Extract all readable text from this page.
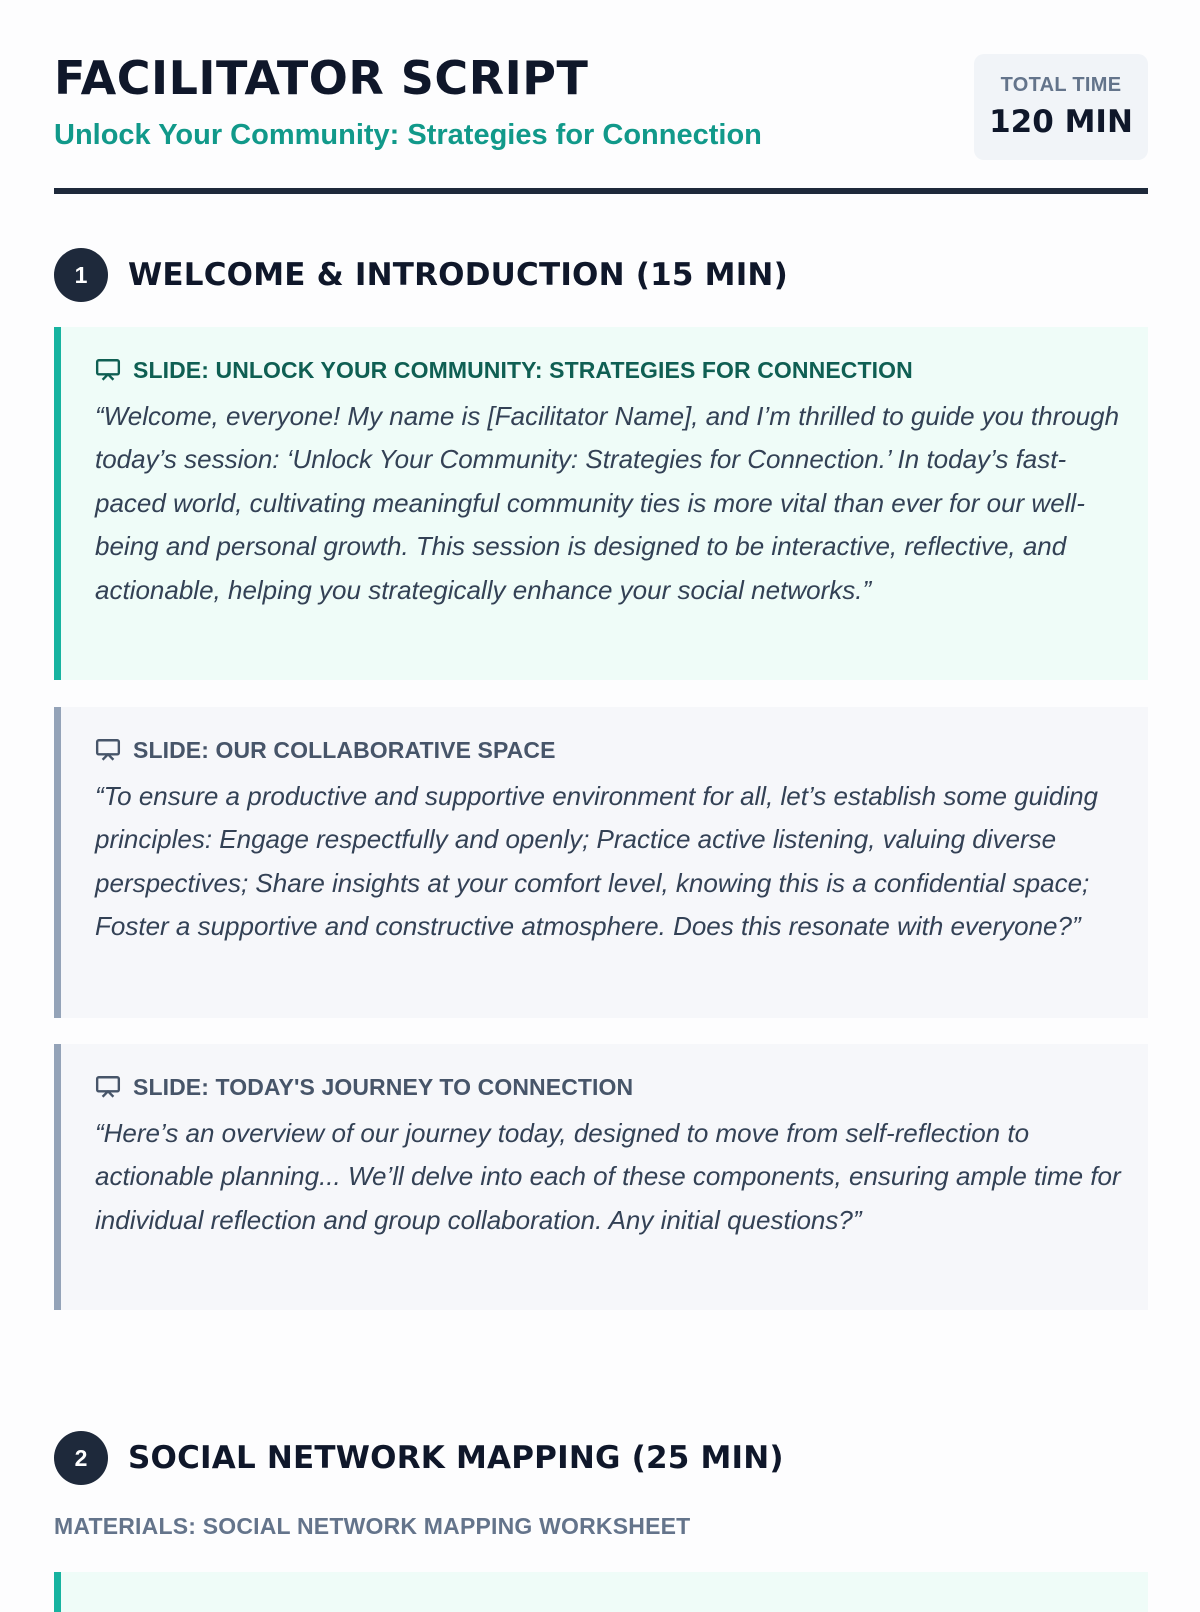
FACILITATOR SCRIPT

Unlock Your Community: Strategies for Connection

TOTAL TIME
120 MIN
1	WELCOME & INTRODUCTION (15 MIN)
SLIDE: UNLOCK YOUR COMMUNITY: STRATEGIES FOR CONNECTION

“Welcome, everyone! My name is [Facilitator Name], and I’m thrilled to guide you through today’s session: ‘Unlock Your Community: Strategies for Connection.’ In today’s fast-paced world, cultivating meaningful community ties is more vital than ever for our well-being and personal growth. This session is designed to be interactive, reflective, and actionable, helping you strategically enhance your social networks.”

SLIDE: OUR COLLABORATIVE SPACE

“To ensure a productive and supportive environment for all, let’s establish some guiding principles: Engage respectfully and openly; Practice active listening, valuing diverse perspectives; Share insights at your comfort level, knowing this is a confidential space; Foster a supportive and constructive atmosphere. Does this resonate with everyone?”

SLIDE: TODAY'S JOURNEY TO CONNECTION

“Here’s an overview of our journey today, designed to move from self-reflection to actionable planning... We’ll delve into each of these components, ensuring ample time for individual reflection and group collaboration. Any initial questions?”

2	SOCIAL NETWORK MAPPING (25 MIN)
MATERIALS: SOCIAL NETWORK MAPPING WORKSHEET
